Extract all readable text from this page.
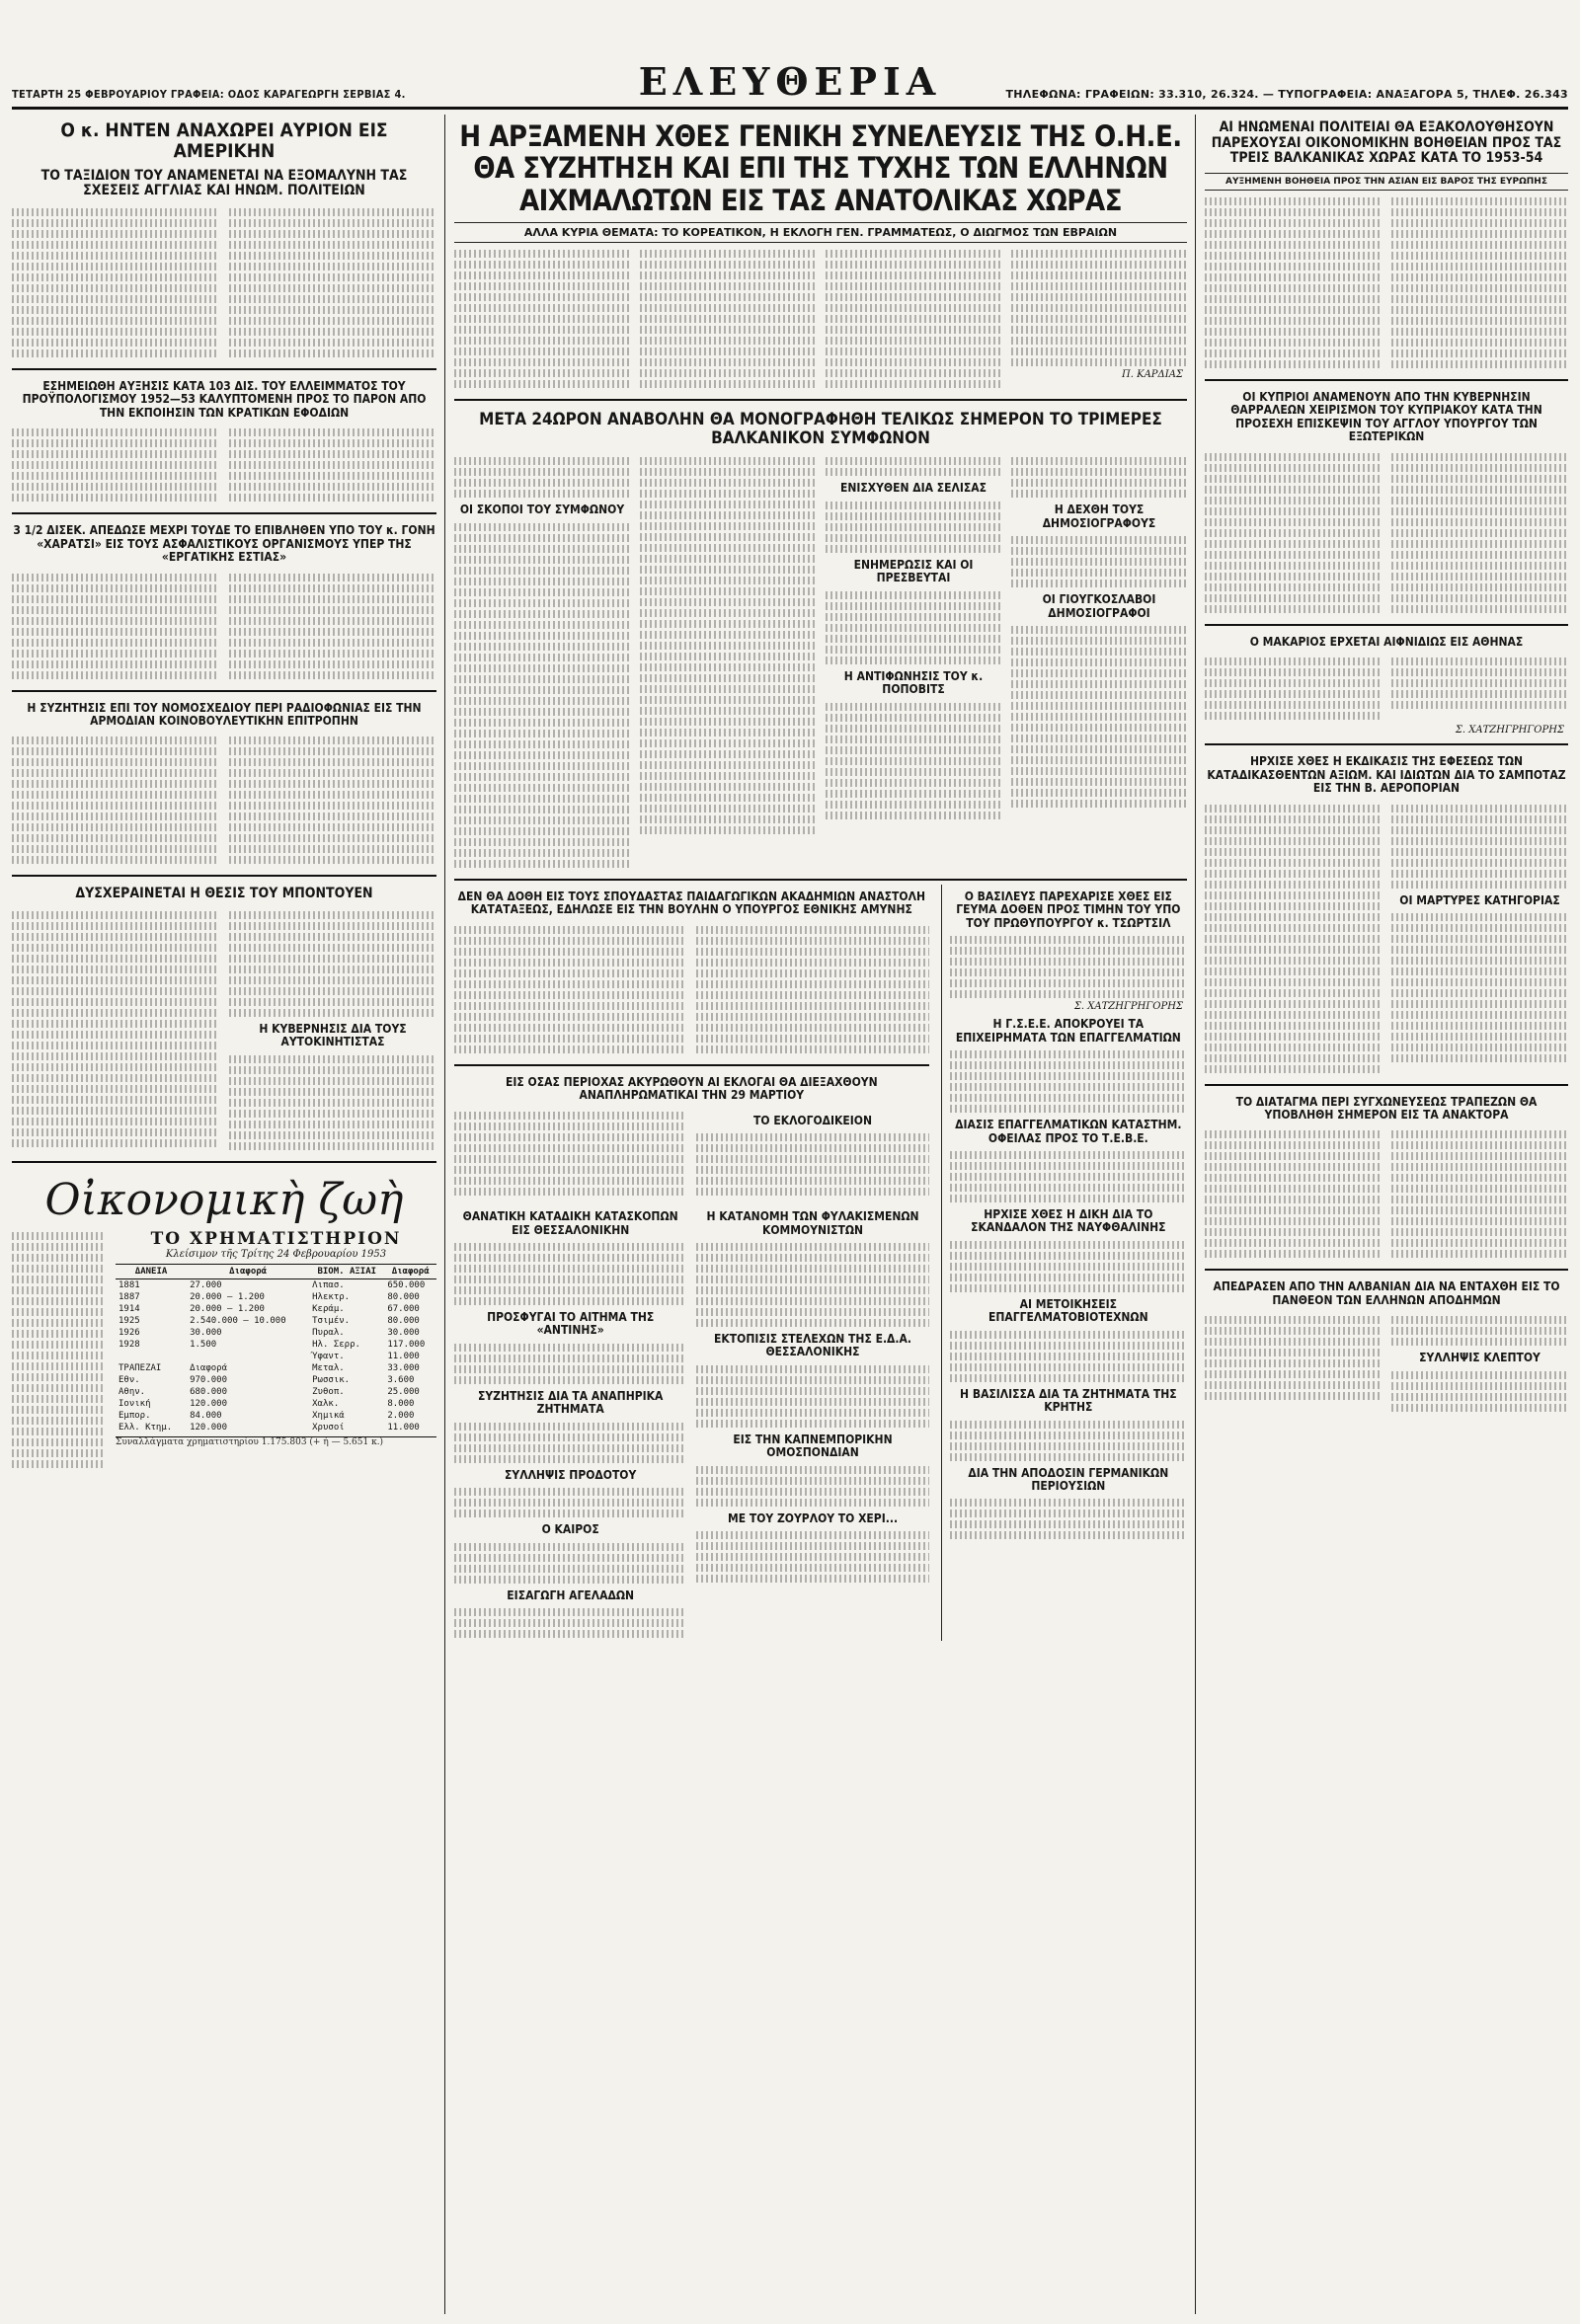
ΤΕΤΑΡΤΗ 25 ΦΕΒΡΟΥΑΡΙΟΥ ΓΡΑΦΕΙΑ: ΟΔΟΣ ΚΑΡΑΓΕΩΡΓΗ ΣΕΡΒΙΑΣ 4.	ΕΛΕΥΘΕΡΙΑ	ΤΗΛΕΦΩΝΑ: ΓΡΑΦΕΙΩΝ: 33.310, 26.324. — ΤΥΠΟΓΡΑΦΕΙΑ: ΑΝΑΞΑΓΟΡΑ 5, ΤΗΛΕΦ. 26.343
Ο κ. ΗΝΤΕΝ ΑΝΑΧΩΡΕΙ ΑΥΡΙΟΝ ΕΙΣ ΑΜΕΡΙΚΗΝ
ΤΟ ΤΑΞΙΔΙΟΝ ΤΟΥ ΑΝΑΜΕΝΕΤΑΙ ΝΑ ΕΞΟΜΑΛΥΝΗ ΤΑΣ ΣΧΕΣΕΙΣ ΑΓΓΛΙΑΣ ΚΑΙ ΗΝΩΜ. ΠΟΛΙΤΕΙΩΝ
ΕΣΗΜΕΙΩΘΗ ΑΥΞΗΣΙΣ ΚΑΤΑ 103 ΔΙΣ. ΤΟΥ ΕΛΛΕΙΜΜΑΤΟΣ ΤΟΥ ΠΡΟΫΠΟΛΟΓΙΣΜΟΥ 1952—53 ΚΑΛΥΠΤΟΜΕΝΗ ΠΡΟΣ ΤΟ ΠΑΡΟΝ ΑΠΟ ΤΗΝ ΕΚΠΟΙΗΣΙΝ ΤΩΝ ΚΡΑΤΙΚΩΝ ΕΦΟΔΙΩΝ
3 1/2 ΔΙΣΕΚ. ΑΠΕΔΩΣΕ ΜΕΧΡΙ ΤΟΥΔΕ ΤΟ ΕΠΙΒΛΗΘΕΝ ΥΠΟ ΤΟΥ κ. ΓΟΝΗ «ΧΑΡΑΤΣΙ» ΕΙΣ ΤΟΥΣ ΑΣΦΑΛΙΣΤΙΚΟΥΣ ΟΡΓΑΝΙΣΜΟΥΣ ΥΠΕΡ ΤΗΣ «ΕΡΓΑΤΙΚΗΣ ΕΣΤΙΑΣ»
Η ΣΥΖΗΤΗΣΙΣ ΕΠΙ ΤΟΥ ΝΟΜΟΣΧΕΔΙΟΥ ΠΕΡΙ ΡΑΔΙΟΦΩΝΙΑΣ ΕΙΣ ΤΗΝ ΑΡΜΟΔΙΑΝ ΚΟΙΝΟΒΟΥΛΕΥΤΙΚΗΝ ΕΠΙΤΡΟΠΗΝ
ΔΥΣΧΕΡΑΙΝΕΤΑΙ Η ΘΕΣΙΣ ΤΟΥ ΜΠΟΝΤΟΥΕΝ
Η ΚΥΒΕΡΝΗΣΙΣ ΔΙΑ ΤΟΥΣ ΑΥΤΟΚΙΝΗΤΙΣΤΑΣ
Οἰκονομικὴ ζωὴ
ΤΟ ΧΡΗΜΑΤΙΣΤΗΡΙΟΝ
Κλείσιμον τῆς Τρίτης 24 Φεβρουαρίου 1953
ΔΑΝΕΙΑ	Διαφορά	ΒΙΟΜ. ΑΞΙΑΙ	Διαφορά
1881	27.000	Λιπασ.	650.000
1887	20.000 — 1.200	Ηλεκτρ.	80.000
1914	20.000 — 1.200	Κεράμ.	67.000
1925	2.540.000 — 10.000	Τσιμέν.	80.000
1926	30.000	Πυραλ.	30.000
1928	1.500	Ηλ. Σερρ.	117.000
		Ύφαντ.	11.000
ΤΡΑΠΕΖΑΙ	Διαφορά	Μεταλ.	33.000
Εθν.	970.000	Ρωσσικ.	3.600
Αθην.	680.000	Ζυθοπ.	25.000
Ιονική	120.000	Χαλκ.	8.000
Εμπορ.	84.000	Χημικά	2.000
Ελλ. Κτημ.	120.000	Χρυσοί	11.000
Συναλλάγματα χρηματιστηρίου 1.175.803 (+ ή — 5.651 κ.)
Η ΑΡΞΑΜΕΝΗ ΧΘΕΣ ΓΕΝΙΚΗ ΣΥΝΕΛΕΥΣΙΣ ΤΗΣ Ο.Η.Ε. ΘΑ ΣΥΖΗΤΗΣΗ ΚΑΙ ΕΠΙ ΤΗΣ ΤΥΧΗΣ ΤΩΝ ΕΛΛΗΝΩΝ ΑΙΧΜΑΛΩΤΩΝ ΕΙΣ ΤΑΣ ΑΝΑΤΟΛΙΚΑΣ ΧΩΡΑΣ
ΑΛΛΑ ΚΥΡΙΑ ΘΕΜΑΤΑ: ΤΟ ΚΟΡΕΑΤΙΚΟΝ, Η ΕΚΛΟΓΗ ΓΕΝ. ΓΡΑΜΜΑΤΕΩΣ, Ο ΔΙΩΓΜΟΣ ΤΩΝ ΕΒΡΑΙΩΝ
Π. ΚΑΡΔΙΑΣ
ΜΕΤΑ 24ΩΡΟΝ ΑΝΑΒΟΛΗΝ ΘΑ ΜΟΝΟΓΡΑΦΗΘΗ ΤΕΛΙΚΩΣ ΣΗΜΕΡΟΝ ΤΟ ΤΡΙΜΕΡΕΣ ΒΑΛΚΑΝΙΚΟΝ ΣΥΜΦΩΝΟΝ
ΟΙ ΣΚΟΠΟΙ ΤΟΥ ΣΥΜΦΩΝΟΥ
ΕΝΙΣΧΥΘΕΝ ΔΙΑ ΣΕΛΙΣΑΣ
ΕΝΗΜΕΡΩΣΙΣ ΚΑΙ ΟΙ ΠΡΕΣΒΕΥΤΑΙ
Η ΑΝΤΙΦΩΝΗΣΙΣ ΤΟΥ κ. ΠΟΠΟΒΙΤΣ
Η ΔΕΧΘΗ ΤΟΥΣ ΔΗΜΟΣΙΟΓΡΑΦΟΥΣ
ΟΙ ΓΙΟΥΓΚΟΣΛΑΒΟΙ ΔΗΜΟΣΙΟΓΡΑΦΟΙ
ΔΕΝ ΘΑ ΔΟΘΗ ΕΙΣ ΤΟΥΣ ΣΠΟΥΔΑΣΤΑΣ ΠΑΙΔΑΓΩΓΙΚΩΝ ΑΚΑΔΗΜΙΩΝ ΑΝΑΣΤΟΛΗ ΚΑΤΑΤΑΞΕΩΣ, ΕΔΗΛΩΣΕ ΕΙΣ ΤΗΝ ΒΟΥΛΗΝ Ο ΥΠΟΥΡΓΟΣ ΕΘΝΙΚΗΣ ΑΜΥΝΗΣ
ΕΙΣ ΟΣΑΣ ΠΕΡΙΟΧΑΣ ΑΚΥΡΩΘΟΥΝ ΑΙ ΕΚΛΟΓΑΙ ΘΑ ΔΙΕΞΑΧΘΟΥΝ ΑΝΑΠΛΗΡΩΜΑΤΙΚΑΙ ΤΗΝ 29 ΜΑΡΤΙΟΥ
ΤΟ ΕΚΛΟΓΟΔΙΚΕΙΟΝ
ΘΑΝΑΤΙΚΗ ΚΑΤΑΔΙΚΗ ΚΑΤΑΣΚΟΠΩΝ ΕΙΣ ΘΕΣΣΑΛΟΝΙΚΗΝ
ΠΡΟΣΦΥΓΑΙ ΤΟ ΑΙΤΗΜΑ ΤΗΣ «ΑΝΤΙΝΗΣ»
ΣΥΖΗΤΗΣΙΣ ΔΙΑ ΤΑ ΑΝΑΠΗΡΙΚΑ ΖΗΤΗΜΑΤΑ
ΣΥΛΛΗΨΙΣ ΠΡΟΔΟΤΟΥ
Ο ΚΑΙΡΟΣ
ΕΙΣΑΓΩΓΗ ΑΓΕΛΑΔΩΝ
Η ΚΑΤΑΝΟΜΗ ΤΩΝ ΦΥΛΑΚΙΣΜΕΝΩΝ ΚΟΜΜΟΥΝΙΣΤΩΝ
ΕΚΤΟΠΙΣΙΣ ΣΤΕΛΕΧΩΝ ΤΗΣ Ε.Δ.Α. ΘΕΣΣΑΛΟΝΙΚΗΣ
ΕΙΣ ΤΗΝ ΚΑΠΝΕΜΠΟΡΙΚΗΝ ΟΜΟΣΠΟΝΔΙΑΝ
ΜΕ ΤΟΥ ΖΟΥΡΛΟΥ ΤΟ ΧΕΡΙ...
Ο ΒΑΣΙΛΕΥΣ ΠΑΡΕΧΑΡΙΣΕ ΧΘΕΣ ΕΙΣ ΓΕΥΜΑ ΔΟΘΕΝ ΠΡΟΣ ΤΙΜΗΝ ΤΟΥ ΥΠΟ ΤΟΥ ΠΡΩΘΥΠΟΥΡΓΟΥ κ. ΤΣΩΡΤΣΙΛ
Σ. ΧΑΤΖΗΓΡΗΓΟΡΗΣ
Η Γ.Σ.Ε.Ε. ΑΠΟΚΡΟΥΕΙ ΤΑ ΕΠΙΧΕΙΡΗΜΑΤΑ ΤΩΝ ΕΠΑΓΓΕΛΜΑΤΙΩΝ
ΔΙΑΣΙΣ ΕΠΑΓΓΕΛΜΑΤΙΚΩΝ ΚΑΤΑΣΤΗΜ. ΟΦΕΙΛΑΣ ΠΡΟΣ ΤΟ Τ.Ε.Β.Ε.
ΗΡΧΙΣΕ ΧΘΕΣ Η ΔΙΚΗ ΔΙΑ ΤΟ ΣΚΑΝΔΑΛΟΝ ΤΗΣ ΝΑΥΦΘΑΛΙΝΗΣ
ΑΙ ΜΕΤΟΙΚΗΣΕΙΣ ΕΠΑΓΓΕΛΜΑΤΟΒΙΟΤΕΧΝΩΝ
Η ΒΑΣΙΛΙΣΣΑ ΔΙΑ ΤΑ ΖΗΤΗΜΑΤΑ ΤΗΣ ΚΡΗΤΗΣ
ΔΙΑ ΤΗΝ ΑΠΟΔΟΣΙΝ ΓΕΡΜΑΝΙΚΩΝ ΠΕΡΙΟΥΣΙΩΝ
ΑΙ ΗΝΩΜΕΝΑΙ ΠΟΛΙΤΕΙΑΙ ΘΑ ΕΞΑΚΟΛΟΥΘΗΣΟΥΝ ΠΑΡΕΧΟΥΣΑΙ ΟΙΚΟΝΟΜΙΚΗΝ ΒΟΗΘΕΙΑΝ ΠΡΟΣ ΤΑΣ ΤΡΕΙΣ ΒΑΛΚΑΝΙΚΑΣ ΧΩΡΑΣ ΚΑΤΑ ΤΟ 1953-54
ΑΥΞΗΜΕΝΗ ΒΟΗΘΕΙΑ ΠΡΟΣ ΤΗΝ ΑΣΙΑΝ ΕΙΣ ΒΑΡΟΣ ΤΗΣ ΕΥΡΩΠΗΣ
ΟΙ ΚΥΠΡΙΟΙ ΑΝΑΜΕΝΟΥΝ ΑΠΟ ΤΗΝ ΚΥΒΕΡΝΗΣΙΝ ΘΑΡΡΑΛΕΩΝ ΧΕΙΡΙΣΜΟΝ ΤΟΥ ΚΥΠΡΙΑΚΟΥ ΚΑΤΑ ΤΗΝ ΠΡΟΣΕΧΗ ΕΠΙΣΚΕΨΙΝ ΤΟΥ ΑΓΓΛΟΥ ΥΠΟΥΡΓΟΥ ΤΩΝ ΕΞΩΤΕΡΙΚΩΝ
Ο ΜΑΚΑΡΙΟΣ ΕΡΧΕΤΑΙ ΑΙΦΝΙΔΙΩΣ ΕΙΣ ΑΘΗΝΑΣ
Σ. ΧΑΤΖΗΓΡΗΓΟΡΗΣ
ΗΡΧΙΣΕ ΧΘΕΣ Η ΕΚΔΙΚΑΣΙΣ ΤΗΣ ΕΦΕΣΕΩΣ ΤΩΝ ΚΑΤΑΔΙΚΑΣΘΕΝΤΩΝ ΑΞΙΩΜ. ΚΑΙ ΙΔΙΩΤΩΝ ΔΙΑ ΤΟ ΣΑΜΠΟΤΑΖ ΕΙΣ ΤΗΝ Β. ΑΕΡΟΠΟΡΙΑΝ
ΟΙ ΜΑΡΤΥΡΕΣ ΚΑΤΗΓΟΡΙΑΣ
ΤΟ ΔΙΑΤΑΓΜΑ ΠΕΡΙ ΣΥΓΧΩΝΕΥΣΕΩΣ ΤΡΑΠΕΖΩΝ ΘΑ ΥΠΟΒΛΗΘΗ ΣΗΜΕΡΟΝ ΕΙΣ ΤΑ ΑΝΑΚΤΟΡΑ
ΑΠΕΔΡΑΣΕΝ ΑΠΟ ΤΗΝ ΑΛΒΑΝΙΑΝ ΔΙΑ ΝΑ ΕΝΤΑΧΘΗ ΕΙΣ ΤΟ ΠΑΝΘΕΟΝ ΤΩΝ ΕΛΛΗΝΩΝ ΑΠΟΔΗΜΩΝ
ΣΥΛΛΗΨΙΣ ΚΛΕΠΤΟΥ
